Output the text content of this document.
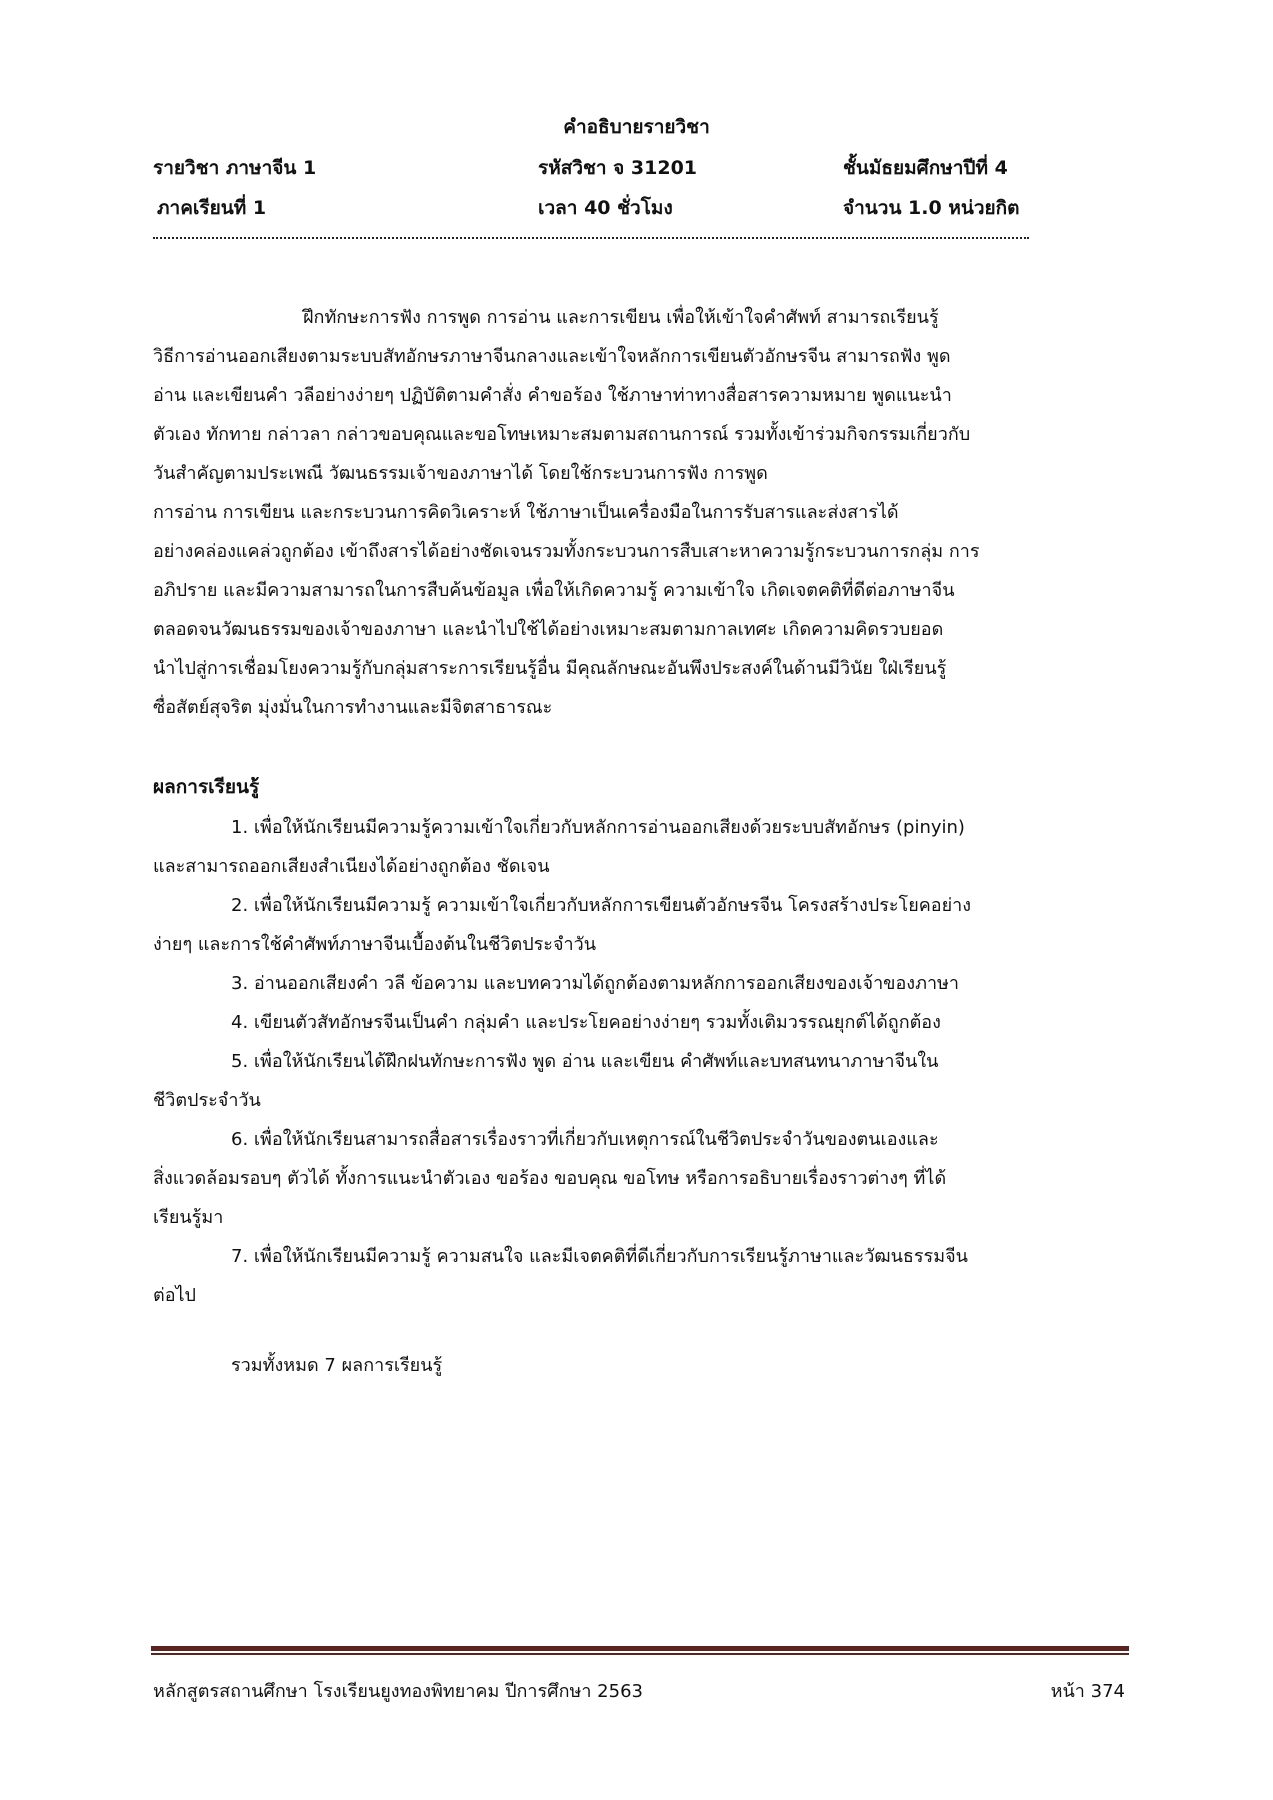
คำอธิบายรายวิชา
รายวิชา ภาษาจีน 1	รหัสวิชา จ 31201	ชั้นมัธยมศึกษาปีที่ 4
ภาคเรียนที่ 1	เวลา 40 ชั่วโมง	จำนวน 1.0 หน่วยกิต

ฝึกทักษะการฟัง การพูด การอ่าน และการเขียน เพื่อให้เข้าใจคำศัพท์ สามารถเรียนรู้

วิธีการอ่านออกเสียงตามระบบสัทอักษรภาษาจีนกลางและเข้าใจหลักการเขียนตัวอักษรจีน สามารถฟัง พูด

อ่าน และเขียนคำ วลีอย่างง่ายๆ ปฏิบัติตามคำสั่ง คำขอร้อง ใช้ภาษาท่าทางสื่อสารความหมาย พูดแนะนำ

ตัวเอง ทักทาย กล่าวลา กล่าวขอบคุณและขอโทษเหมาะสมตามสถานการณ์ รวมทั้งเข้าร่วมกิจกรรมเกี่ยวกับ

วันสำคัญตามประเพณี วัฒนธรรมเจ้าของภาษาได้ โดยใช้กระบวนการฟัง การพูด

การอ่าน การเขียน และกระบวนการคิดวิเคราะห์ ใช้ภาษาเป็นเครื่องมือในการรับสารและส่งสารได้

อย่างคล่องแคล่วถูกต้อง เข้าถึงสารได้อย่างชัดเจนรวมทั้งกระบวนการสืบเสาะหาความรู้กระบวนการกลุ่ม การ

อภิปราย และมีความสามารถในการสืบค้นข้อมูล เพื่อให้เกิดความรู้ ความเข้าใจ เกิดเจตคติที่ดีต่อภาษาจีน

ตลอดจนวัฒนธรรมของเจ้าของภาษา และนำไปใช้ได้อย่างเหมาะสมตามกาลเทศะ เกิดความคิดรวบยอด

นำไปสู่การเชื่อมโยงความรู้กับกลุ่มสาระการเรียนรู้อื่น มีคุณลักษณะอันพึงประสงค์ในด้านมีวินัย ใฝ่เรียนรู้

ซื่อสัตย์สุจริต มุ่งมั่นในการทำงานและมีจิตสาธารณะ

ผลการเรียนรู้

1. เพื่อให้นักเรียนมีความรู้ความเข้าใจเกี่ยวกับหลักการอ่านออกเสียงด้วยระบบสัทอักษร (pinyin)

และสามารถออกเสียงสำเนียงได้อย่างถูกต้อง ชัดเจน

2. เพื่อให้นักเรียนมีความรู้ ความเข้าใจเกี่ยวกับหลักการเขียนตัวอักษรจีน โครงสร้างประโยคอย่าง

ง่ายๆ และการใช้คำศัพท์ภาษาจีนเบื้องต้นในชีวิตประจำวัน

3. อ่านออกเสียงคำ วลี ข้อความ และบทความได้ถูกต้องตามหลักการออกเสียงของเจ้าของภาษา

4. เขียนตัวสัทอักษรจีนเป็นคำ กลุ่มคำ และประโยคอย่างง่ายๆ รวมทั้งเติมวรรณยุกต์ได้ถูกต้อง

5. เพื่อให้นักเรียนได้ฝึกฝนทักษะการฟัง พูด อ่าน และเขียน คำศัพท์และบทสนทนาภาษาจีนใน

ชีวิตประจำวัน

6. เพื่อให้นักเรียนสามารถสื่อสารเรื่องราวที่เกี่ยวกับเหตุการณ์ในชีวิตประจำวันของตนเองและ

สิ่งแวดล้อมรอบๆ ตัวได้ ทั้งการแนะนำตัวเอง ขอร้อง ขอบคุณ ขอโทษ หรือการอธิบายเรื่องราวต่างๆ ที่ได้

เรียนรู้มา

7. เพื่อให้นักเรียนมีความรู้ ความสนใจ และมีเจตคติที่ดีเกี่ยวกับการเรียนรู้ภาษาและวัฒนธรรมจีน

ต่อไป

รวมทั้งหมด 7 ผลการเรียนรู้
หลักสูตรสถานศึกษา โรงเรียนยูงทองพิทยาคม ปีการศึกษา 2563	หน้า 374
